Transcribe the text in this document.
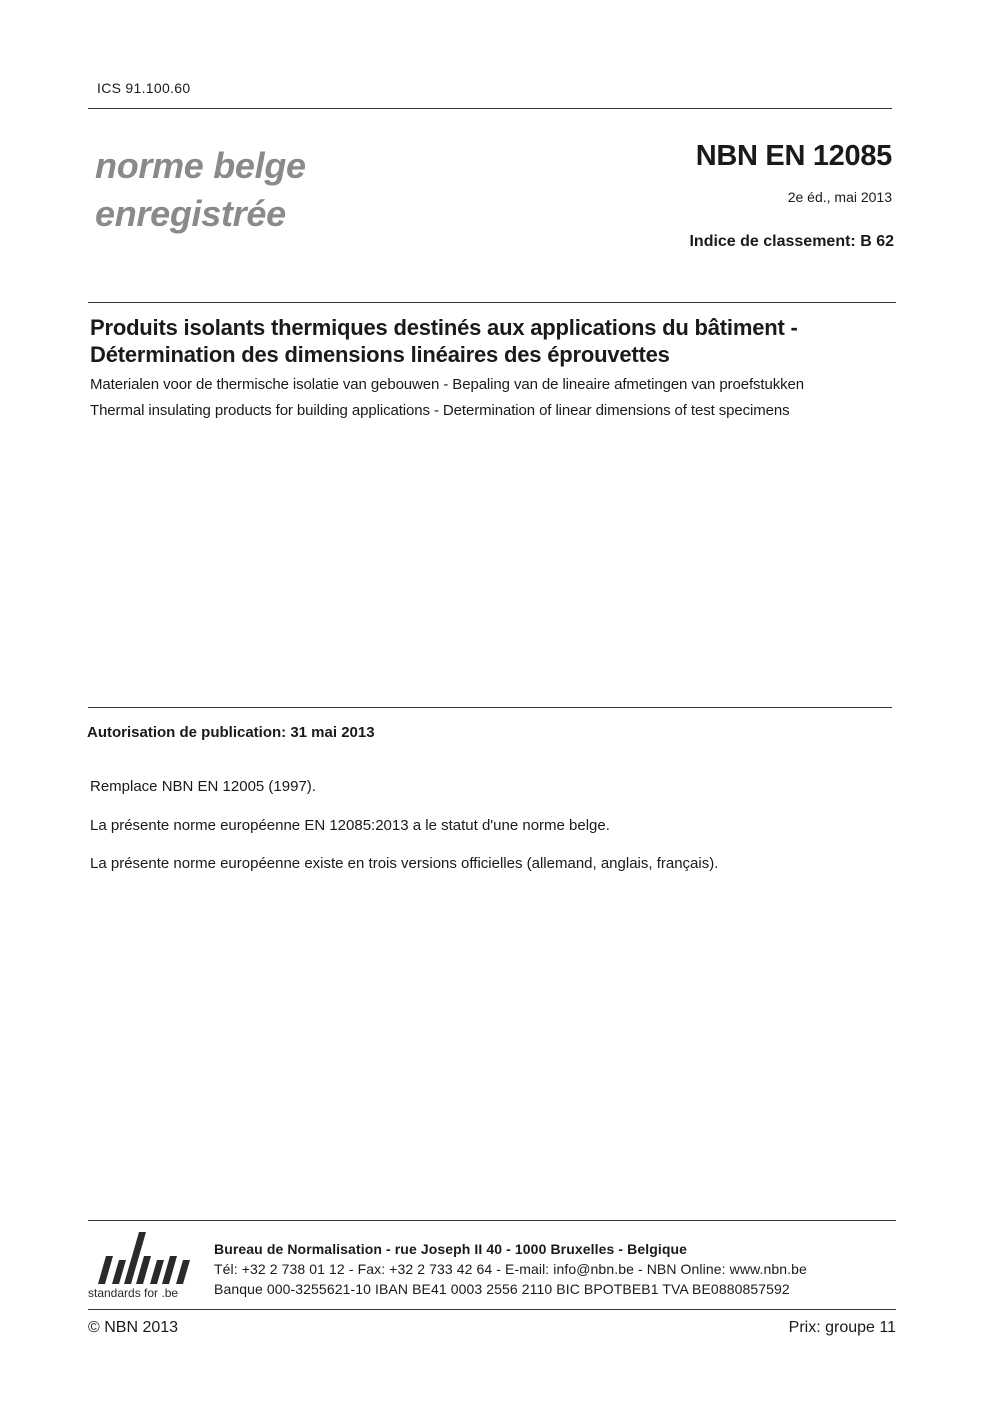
ICS 91.100.60
norme belge
enregistrée
NBN EN 12085
2e éd., mai 2013
Indice de classement: B 62
Produits isolants thermiques destinés aux applications du bâtiment -
Détermination des dimensions linéaires des éprouvettes
Materialen voor de thermische isolatie van gebouwen - Bepaling van de lineaire afmetingen van proefstukken
Thermal insulating products for building applications - Determination of linear dimensions of test specimens
Autorisation de publication: 31 mai 2013
Remplace NBN EN 12005 (1997).
La présente norme européenne EN 12085:2013 a le statut d'une norme belge.
La présente norme européenne existe en trois versions officielles (allemand, anglais, français).
standards for .be
Bureau de Normalisation - rue Joseph II 40 - 1000 Bruxelles - Belgique
Tél: +32 2 738 01 12 - Fax: +32 2 733 42 64 - E-mail: info@nbn.be - NBN Online: www.nbn.be
Banque 000-3255621-10 IBAN BE41 0003 2556 2110 BIC BPOTBEB1 TVA BE0880857592
© NBN 2013	Prix: groupe 11
